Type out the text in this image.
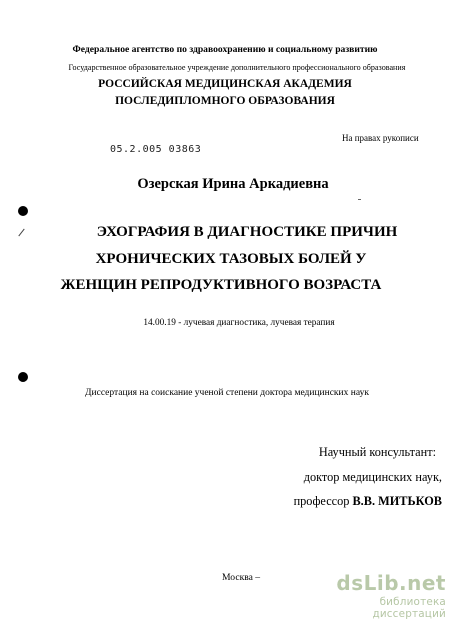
Федеральное агентство по здравоохранению и социальному развитию
Государственное образовательное учреждение дополнительного профессионального образования
РОССИЙСКАЯ МЕДИЦИНСКАЯ АКАДЕМИЯ
ПОСЛЕДИПЛОМНОГО ОБРАЗОВАНИЯ
На правах рукописи
05.2.005 03863
Озерская Ирина Аркадиевна
ЭХОГРАФИЯ В ДИАГНОСТИКЕ ПРИЧИН
ХРОНИЧЕСКИХ ТАЗОВЫХ БОЛЕЙ У
ЖЕНЩИН РЕПРОДУКТИВНОГО ВОЗРАСТА
14.00.19 - лучевая диагностика, лучевая терапия
Диссертация на соискание ученой степени доктора медицинских наук
Научный консультант:
доктор медицинских наук,
профессор В.В. МИТЬКОВ
Москва –	dsLib.net
библиотека диссертаций
